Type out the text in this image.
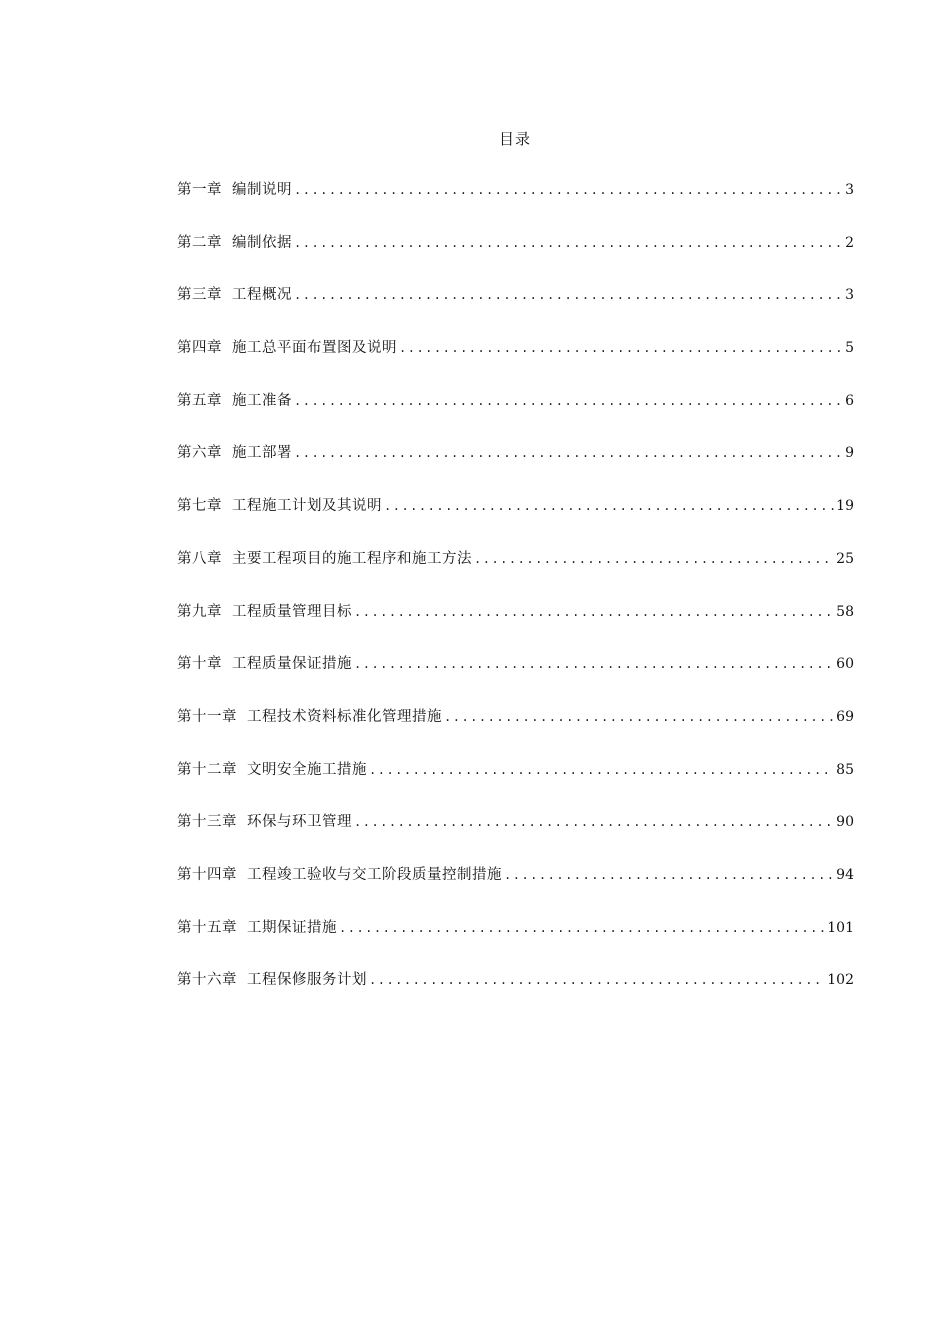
目录
第一章 编制说明 .....	3
第二章 编制依据 .....	2
第三章 工程概况 .....	3
第四章 施工总平面布置图及说明 .....	5
第五章 施工准备 .....	6
第六章 施工部署 .....	9
第七章 工程施工计划及其说明 .....	19
第八章 主要工程项目的施工程序和施工方法 .....	25
第九章 工程质量管理目标 .....	58
第十章 工程质量保证措施 .....	60
第十一章 工程技术资料标准化管理措施 .....	69
第十二章 文明安全施工措施 .....	85
第十三章 环保与环卫管理 .....	90
第十四章 工程竣工验收与交工阶段质量控制措施 .....	94
第十五章 工期保证措施 .....	101
第十六章 工程保修服务计划 .....	102
